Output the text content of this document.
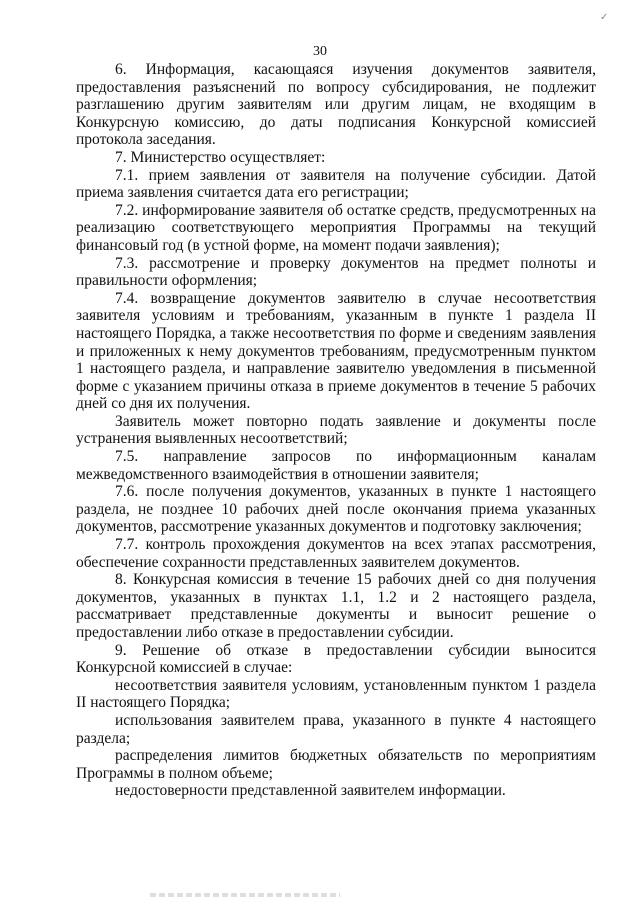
✓
30

6. Информация, касающаяся изучения документов заявителя, предоставления разъяснений по вопросу субсидирования, не подлежит разглашению другим заявителям или другим лицам, не входящим в Конкурсную комиссию, до даты подписания Конкурсной комиссией протокола заседания.

7. Министерство осуществляет:

7.1. прием заявления от заявителя на получение субсидии. Датой приема заявления считается дата его регистрации;

7.2. информирование заявителя об остатке средств, предусмотренных на реализацию соответствующего мероприятия Программы на текущий финансовый год (в устной форме, на момент подачи заявления);

7.3. рассмотрение и проверку документов на предмет полноты и правильности оформления;

7.4. возвращение документов заявителю в случае несоответствия заявителя условиям и требованиям, указанным в пункте 1 раздела II настоящего Порядка, а также несоответствия по форме и сведениям заявления и приложенных к нему документов требованиям, предусмотренным пунктом 1 настоящего раздела, и направление заявителю уведомления в письменной форме с указанием причины отказа в приеме документов в течение 5 рабочих дней со дня их получения.

Заявитель может повторно подать заявление и документы после устранения выявленных несоответствий;

7.5. направление запросов по информационным каналам межведомственного взаимодействия в отношении заявителя;

7.6. после получения документов, указанных в пункте 1 настоящего раздела, не позднее 10 рабочих дней после окончания приема указанных документов, рассмотрение указанных документов и подготовку заключения;

7.7. контроль прохождения документов на всех этапах рассмотрения, обеспечение сохранности представленных заявителем документов.

8. Конкурсная комиссия в течение 15 рабочих дней со дня получения документов, указанных в пунктах 1.1, 1.2 и 2 настоящего раздела, рассматривает представленные документы и выносит решение о предоставлении либо отказе в предоставлении субсидии.

9. Решение об отказе в предоставлении субсидии выносится Конкурсной комиссией в случае:

несоответствия заявителя условиям, установленным пунктом 1 раздела II настоящего Порядка;

использования заявителем права, указанного в пункте 4 настоящего раздела;

распределения лимитов бюджетных обязательств по мероприятиям Программы в полном объеме;

недостоверности представленной заявителем информации.
